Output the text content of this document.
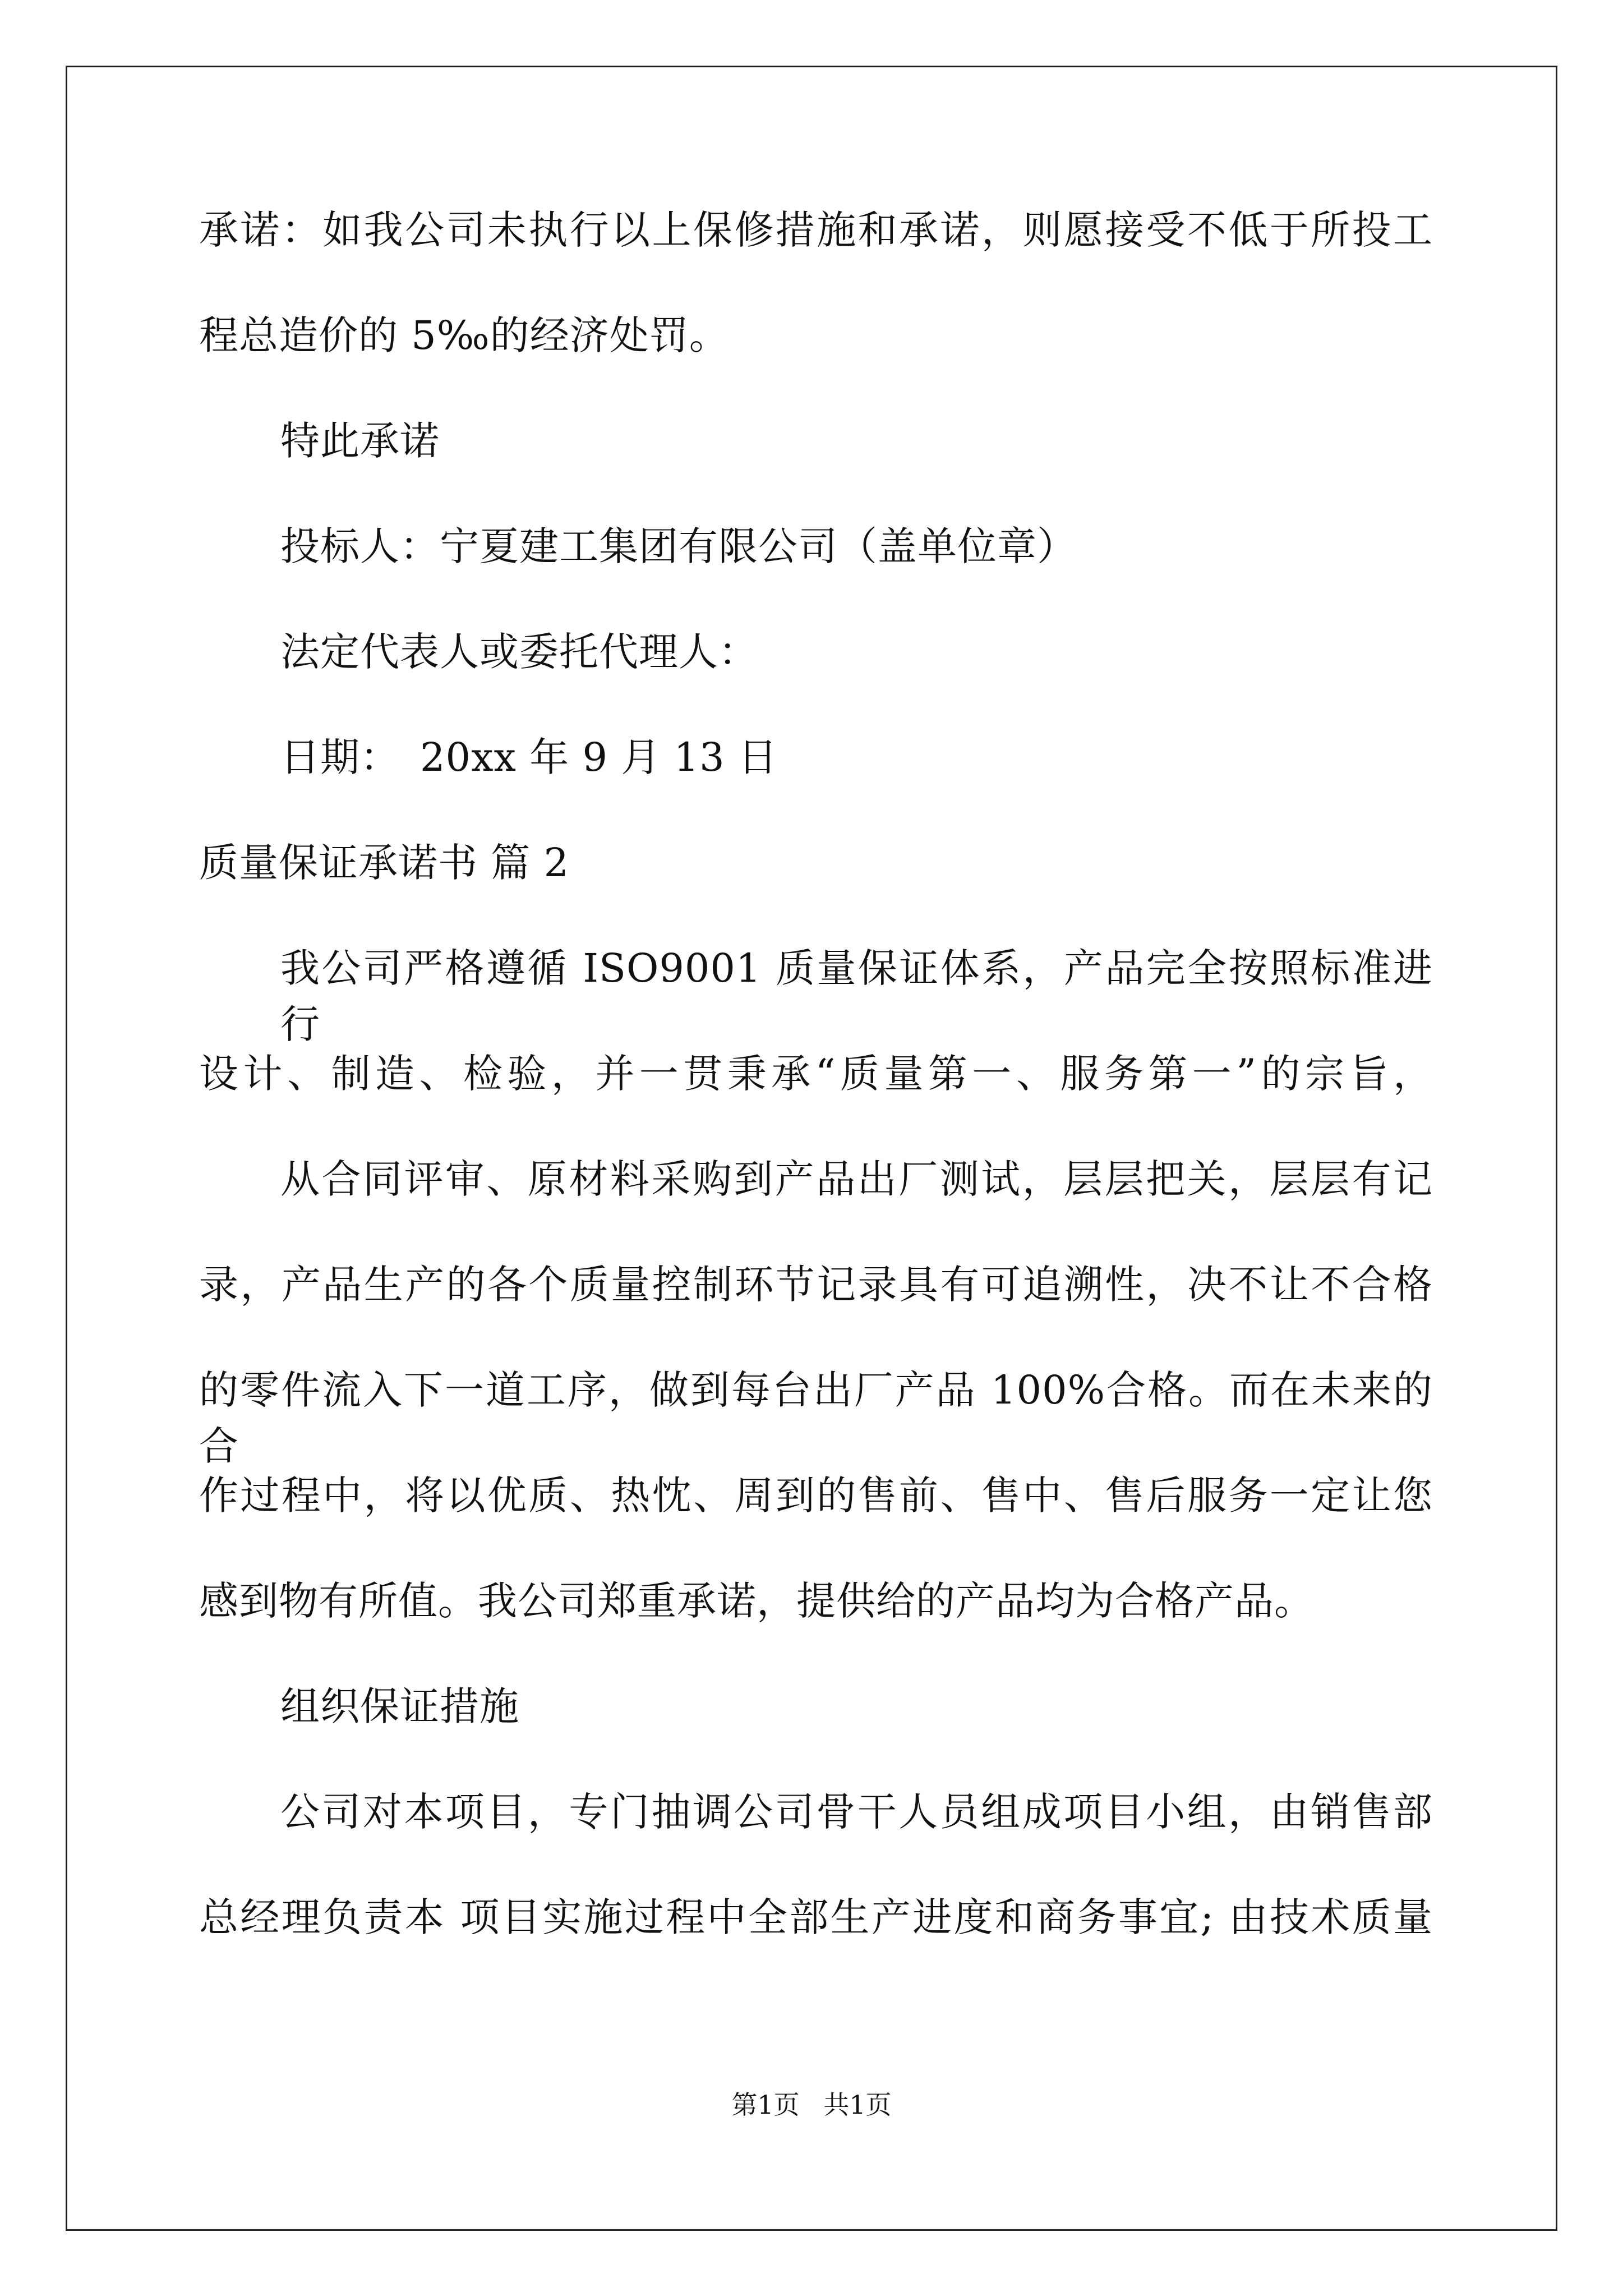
承诺：如我公司未执行以上保修措施和承诺，则愿接受不低于所投工
程总造价的 5‰的经济处罚。
特此承诺
投标人：宁夏建工集团有限公司（盖单位章）
法定代表人或委托代理人：
日期：　20xx 年 9 月 13 日
质量保证承诺书 篇 2
我公司严格遵循 ISO9001 质量保证体系，产品完全按照标准进行
设计、制造、检验，并一贯秉承“质量第一、服务第一”的宗旨，
从合同评审、原材料采购到产品出厂测试，层层把关，层层有记
录，产品生产的各个质量控制环节记录具有可追溯性，决不让不合格
的零件流入下一道工序，做到每台出厂产品 100%合格。而在未来的合
作过程中，将以优质、热忱、周到的售前、售中、售后服务一定让您
感到物有所值。我公司郑重承诺，提供给的产品均为合格产品。
组织保证措施
公司对本项目，专门抽调公司骨干人员组成项目小组，由销售部
总经理负责本 项目实施过程中全部生产进度和商务事宜; 由技术质量
第1页 共1页
